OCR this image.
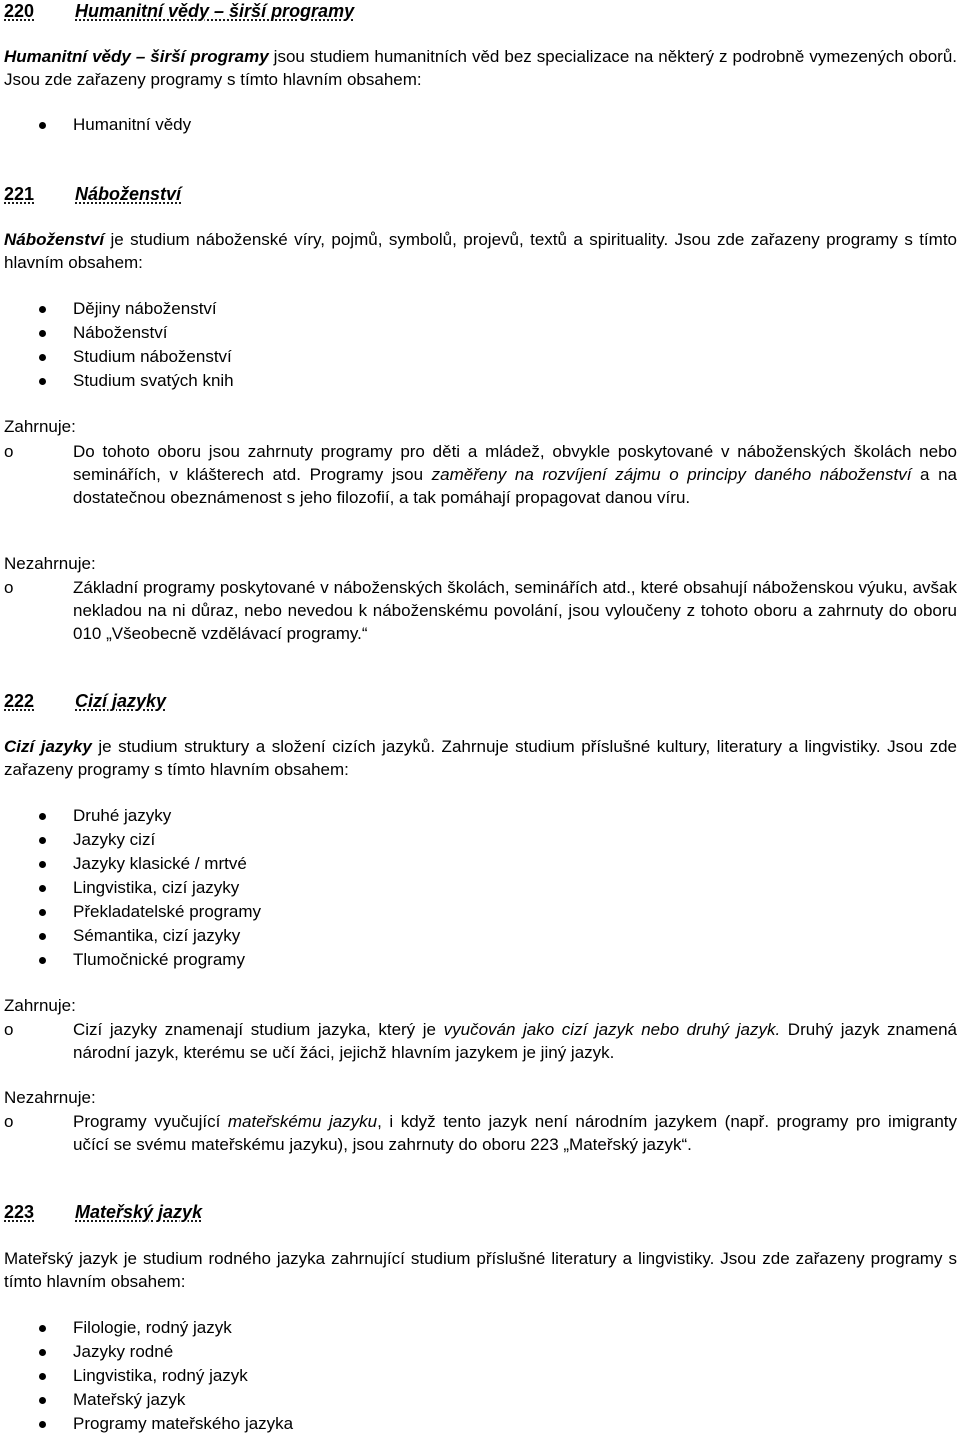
220 Humanitní vědy – širší programy
Humanitní vědy – širší programy jsou studiem humanitních věd bez specializace na některý z podrobně vymezených oborů. Jsou zde zařazeny programy s tímto hlavním obsahem:
Humanitní vědy
221 Náboženství
Náboženství je studium náboženské víry, pojmů, symbolů, projevů, textů a spirituality. Jsou zde zařazeny programy s tímto hlavním obsahem:
Dějiny náboženství
Náboženství
Studium náboženství
Studium svatých knih
Zahrnuje:
o	Do tohoto oboru jsou zahrnuty programy pro děti a mládež, obvykle poskytované v náboženských školách nebo seminářích, v klášterech atd. Programy jsou zaměřeny na rozvíjení zájmu o principy daného náboženství a na dostatečnou obeznámenost s jeho filozofií, a tak pomáhají propagovat danou víru.
Nezahrnuje:
o	Základní programy poskytované v náboženských školách, seminářích atd., které obsahují náboženskou výuku, avšak nekladou na ni důraz, nebo nevedou k náboženskému povolání, jsou vyloučeny z tohoto oboru a zahrnuty do oboru 010 „Všeobecně vzdělávací programy.“
222 Cizí jazyky
Cizí jazyky je studium struktury a složení cizích jazyků. Zahrnuje studium příslušné kultury, literatury a lingvistiky. Jsou zde zařazeny programy s tímto hlavním obsahem:
Druhé jazyky
Jazyky cizí
Jazyky klasické / mrtvé
Lingvistika, cizí jazyky
Překladatelské programy
Sémantika, cizí jazyky
Tlumočnické programy
Zahrnuje:
o	Cizí jazyky znamenají studium jazyka, který je vyučován jako cizí jazyk nebo druhý jazyk. Druhý jazyk znamená národní jazyk, kterému se učí žáci, jejichž hlavním jazykem je jiný jazyk.
Nezahrnuje:
o	Programy vyučující mateřskému jazyku, i když tento jazyk není národním jazykem (např. programy pro imigranty učící se svému mateřskému jazyku), jsou zahrnuty do oboru 223 „Mateřský jazyk“.
223 Mateřský jazyk
Mateřský jazyk je studium rodného jazyka zahrnující studium příslušné literatury a lingvistiky. Jsou zde zařazeny programy s tímto hlavním obsahem:
Filologie, rodný jazyk
Jazyky rodné
Lingvistika, rodný jazyk
Mateřský jazyk
Programy mateřského jazyka
